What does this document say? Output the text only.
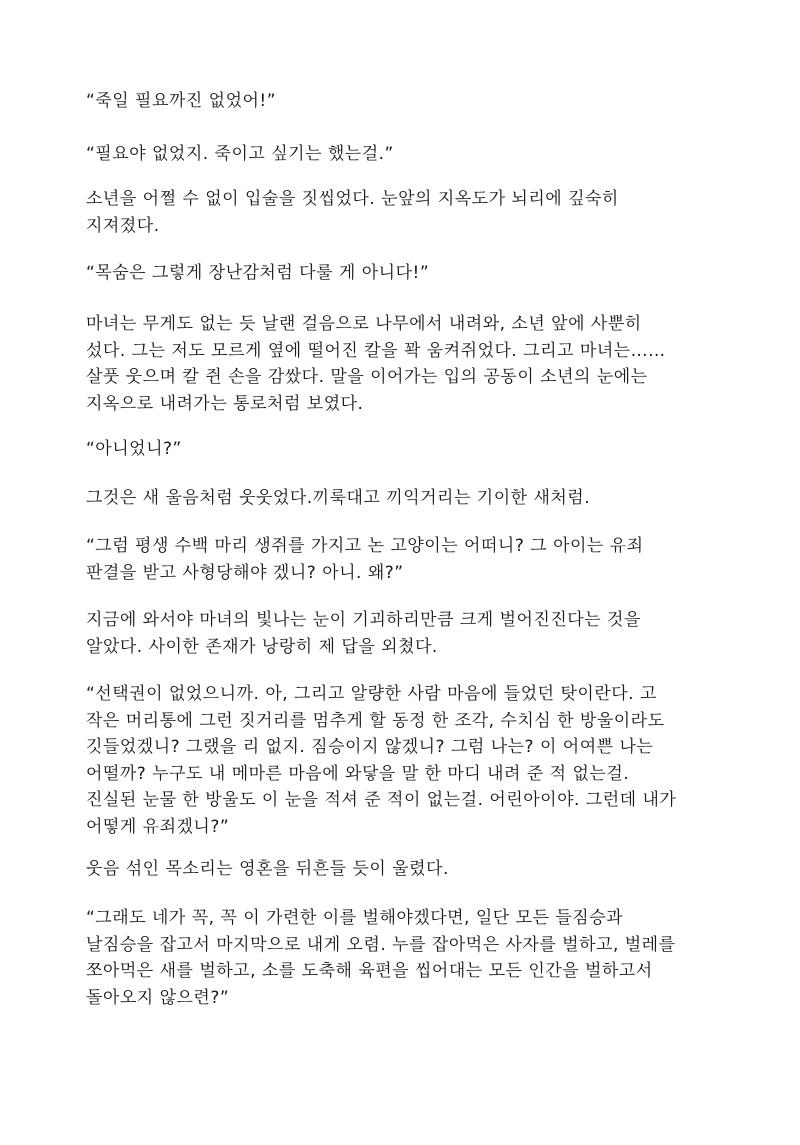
“죽일 필요까진 없었어!”
“필요야 없었지. 죽이고 싶기는 했는걸.”
소년을 어쩔 수 없이 입술을 짓씹었다. 눈앞의 지옥도가 뇌리에 깊숙히
지져졌다.
“목숨은 그렇게 장난감처럼 다룰 게 아니다!”
마녀는 무게도 없는 듯 날랜 걸음으로 나무에서 내려와, 소년 앞에 사뿐히
섰다. 그는 저도 모르게 옆에 떨어진 칼을 꽉 움켜쥐었다. 그리고 마녀는……
살풋 웃으며 칼 쥔 손을 감쌌다. 말을 이어가는 입의 공동이 소년의 눈에는
지옥으로 내려가는 통로처럼 보였다.
“아니었니?”
그것은 새 울음처럼 웃웃었다.끼룩대고 끼익거리는 기이한 새처럼.
“그럼 평생 수백 마리 생쥐를 가지고 논 고양이는 어떠니? 그 아이는 유죄
판결을 받고 사형당해야 겠니? 아니. 왜?”
지금에 와서야 마녀의 빛나는 눈이 기괴하리만큼 크게 벌어진진다는 것을
알았다. 사이한 존재가 낭랑히 제 답을 외쳤다.
“선택권이 없었으니까. 아, 그리고 알량한 사람 마음에 들었던 탓이란다. 고
작은 머리통에 그런 짓거리를 멈추게 할 동정 한 조각, 수치심 한 방울이라도
깃들었겠니? 그랬을 리 없지. 짐승이지 않겠니? 그럼 나는? 이 어여쁜 나는
어떨까? 누구도 내 메마른 마음에 와닿을 말 한 마디 내려 준 적 없는걸.
진실된 눈물 한 방울도 이 눈을 적셔 준 적이 없는걸. 어린아이야. 그런데 내가
어떻게 유죄겠니?”
웃음 섞인 목소리는 영혼을 뒤흔들 듯이 울렸다.
“그래도 네가 꼭, 꼭 이 가련한 이를 벌해야겠다면, 일단 모든 들짐승과
날짐승을 잡고서 마지막으로 내게 오렴. 누를 잡아먹은 사자를 벌하고, 벌레를
쪼아먹은 새를 벌하고, 소를 도축해 육편을 씹어대는 모든 인간을 벌하고서
돌아오지 않으련?”
